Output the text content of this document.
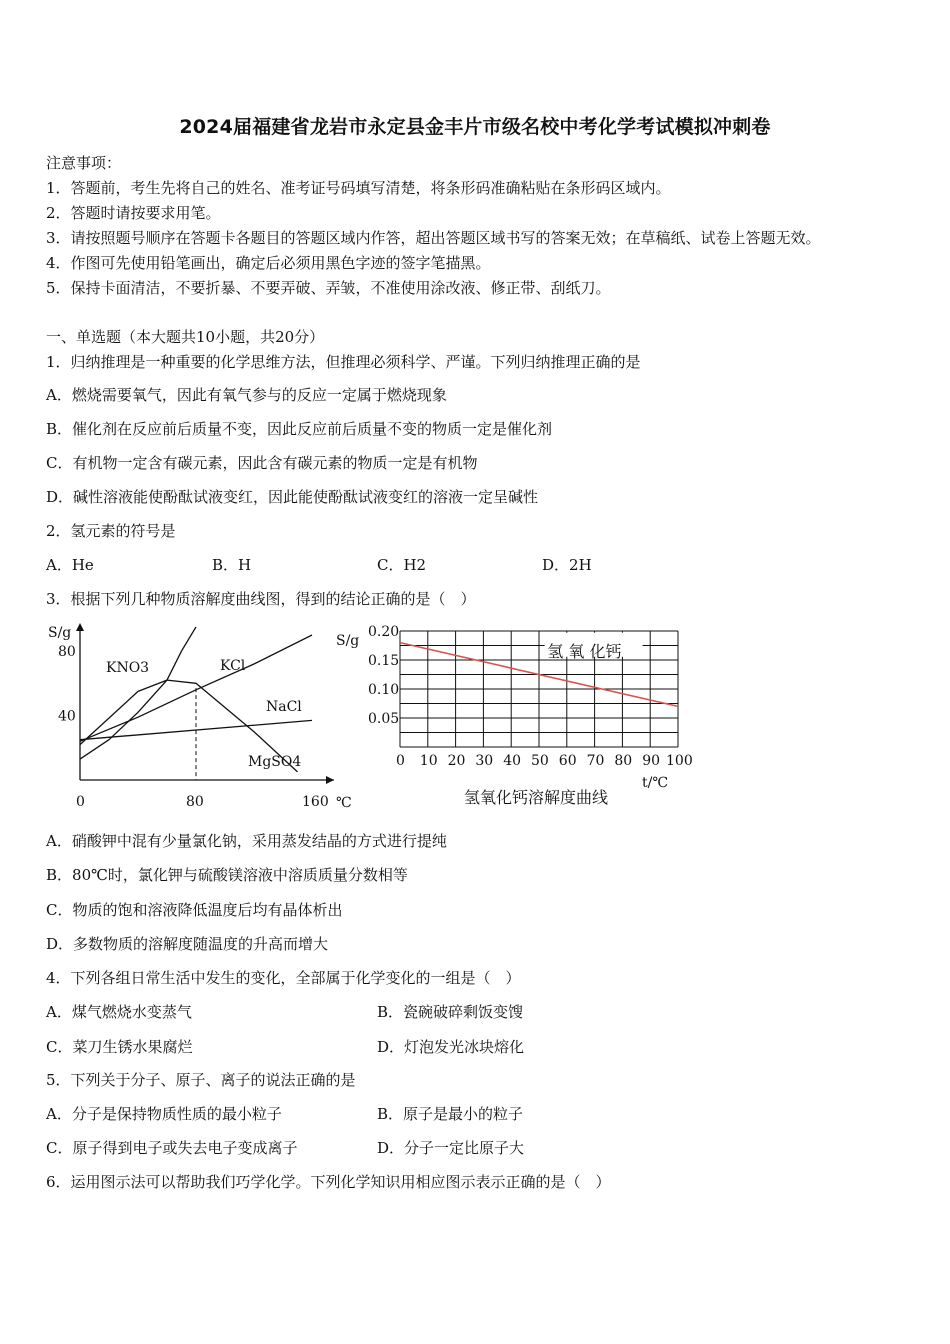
2024届福建省龙岩市永定县金丰片市级名校中考化学考试模拟冲刺卷
注意事项：
1．答题前，考生先将自己的姓名、准考证号码填写清楚，将条形码准确粘贴在条形码区域内。
2．答题时请按要求用笔。
3．请按照题号顺序在答题卡各题目的答题区域内作答，超出答题区域书写的答案无效；在草稿纸、试卷上答题无效。
4．作图可先使用铅笔画出，确定后必须用黑色字迹的签字笔描黑。
5．保持卡面清洁，不要折暴、不要弄破、弄皱，不准使用涂改液、修正带、刮纸刀。
一、单选题（本大题共10小题，共20分）
1．归纳推理是一种重要的化学思维方法，但推理必须科学、严谨。下列归纳推理正确的是
A．燃烧需要氧气，因此有氧气参与的反应一定属于燃烧现象
B．催化剂在反应前后质量不变，因此反应前后质量不变的物质一定是催化剂
C．有机物一定含有碳元素，因此含有碳元素的物质一定是有机物
D．碱性溶液能使酚酞试液变红，因此能使酚酞试液变红的溶液一定呈碱性
2．氢元素的符号是
A．He	B．H	C．H2	D．2H
3．根据下列几种物质溶解度曲线图，得到的结论正确的是（　）
S/g
℃
0	80	160
40
80
KNO3	KCl
NaCl
MgSO4
S/g
0.05
0.10
0.15
0.20
0 10 20 30 40 50 60 70 80 90 100
t/℃
氢氧化钙溶解度曲线
氢 氧 化钙
A．硝酸钾中混有少量氯化钠，采用蒸发结晶的方式进行提纯
B．80℃时，氯化钾与硫酸镁溶液中溶质质量分数相等
C．物质的饱和溶液降低温度后均有晶体析出
D．多数物质的溶解度随温度的升高而增大
4．下列各组日常生活中发生的变化，全部属于化学变化的一组是（　）
A．煤气燃烧水变蒸气	B．瓷碗破碎剩饭变馊
C．菜刀生锈水果腐烂	D．灯泡发光冰块熔化
5．下列关于分子、原子、离子的说法正确的是
A．分子是保持物质性质的最小粒子	B．原子是最小的粒子
C．原子得到电子或失去电子变成离子	D．分子一定比原子大
6．运用图示法可以帮助我们巧学化学。下列化学知识用相应图示表示正确的是（　）
